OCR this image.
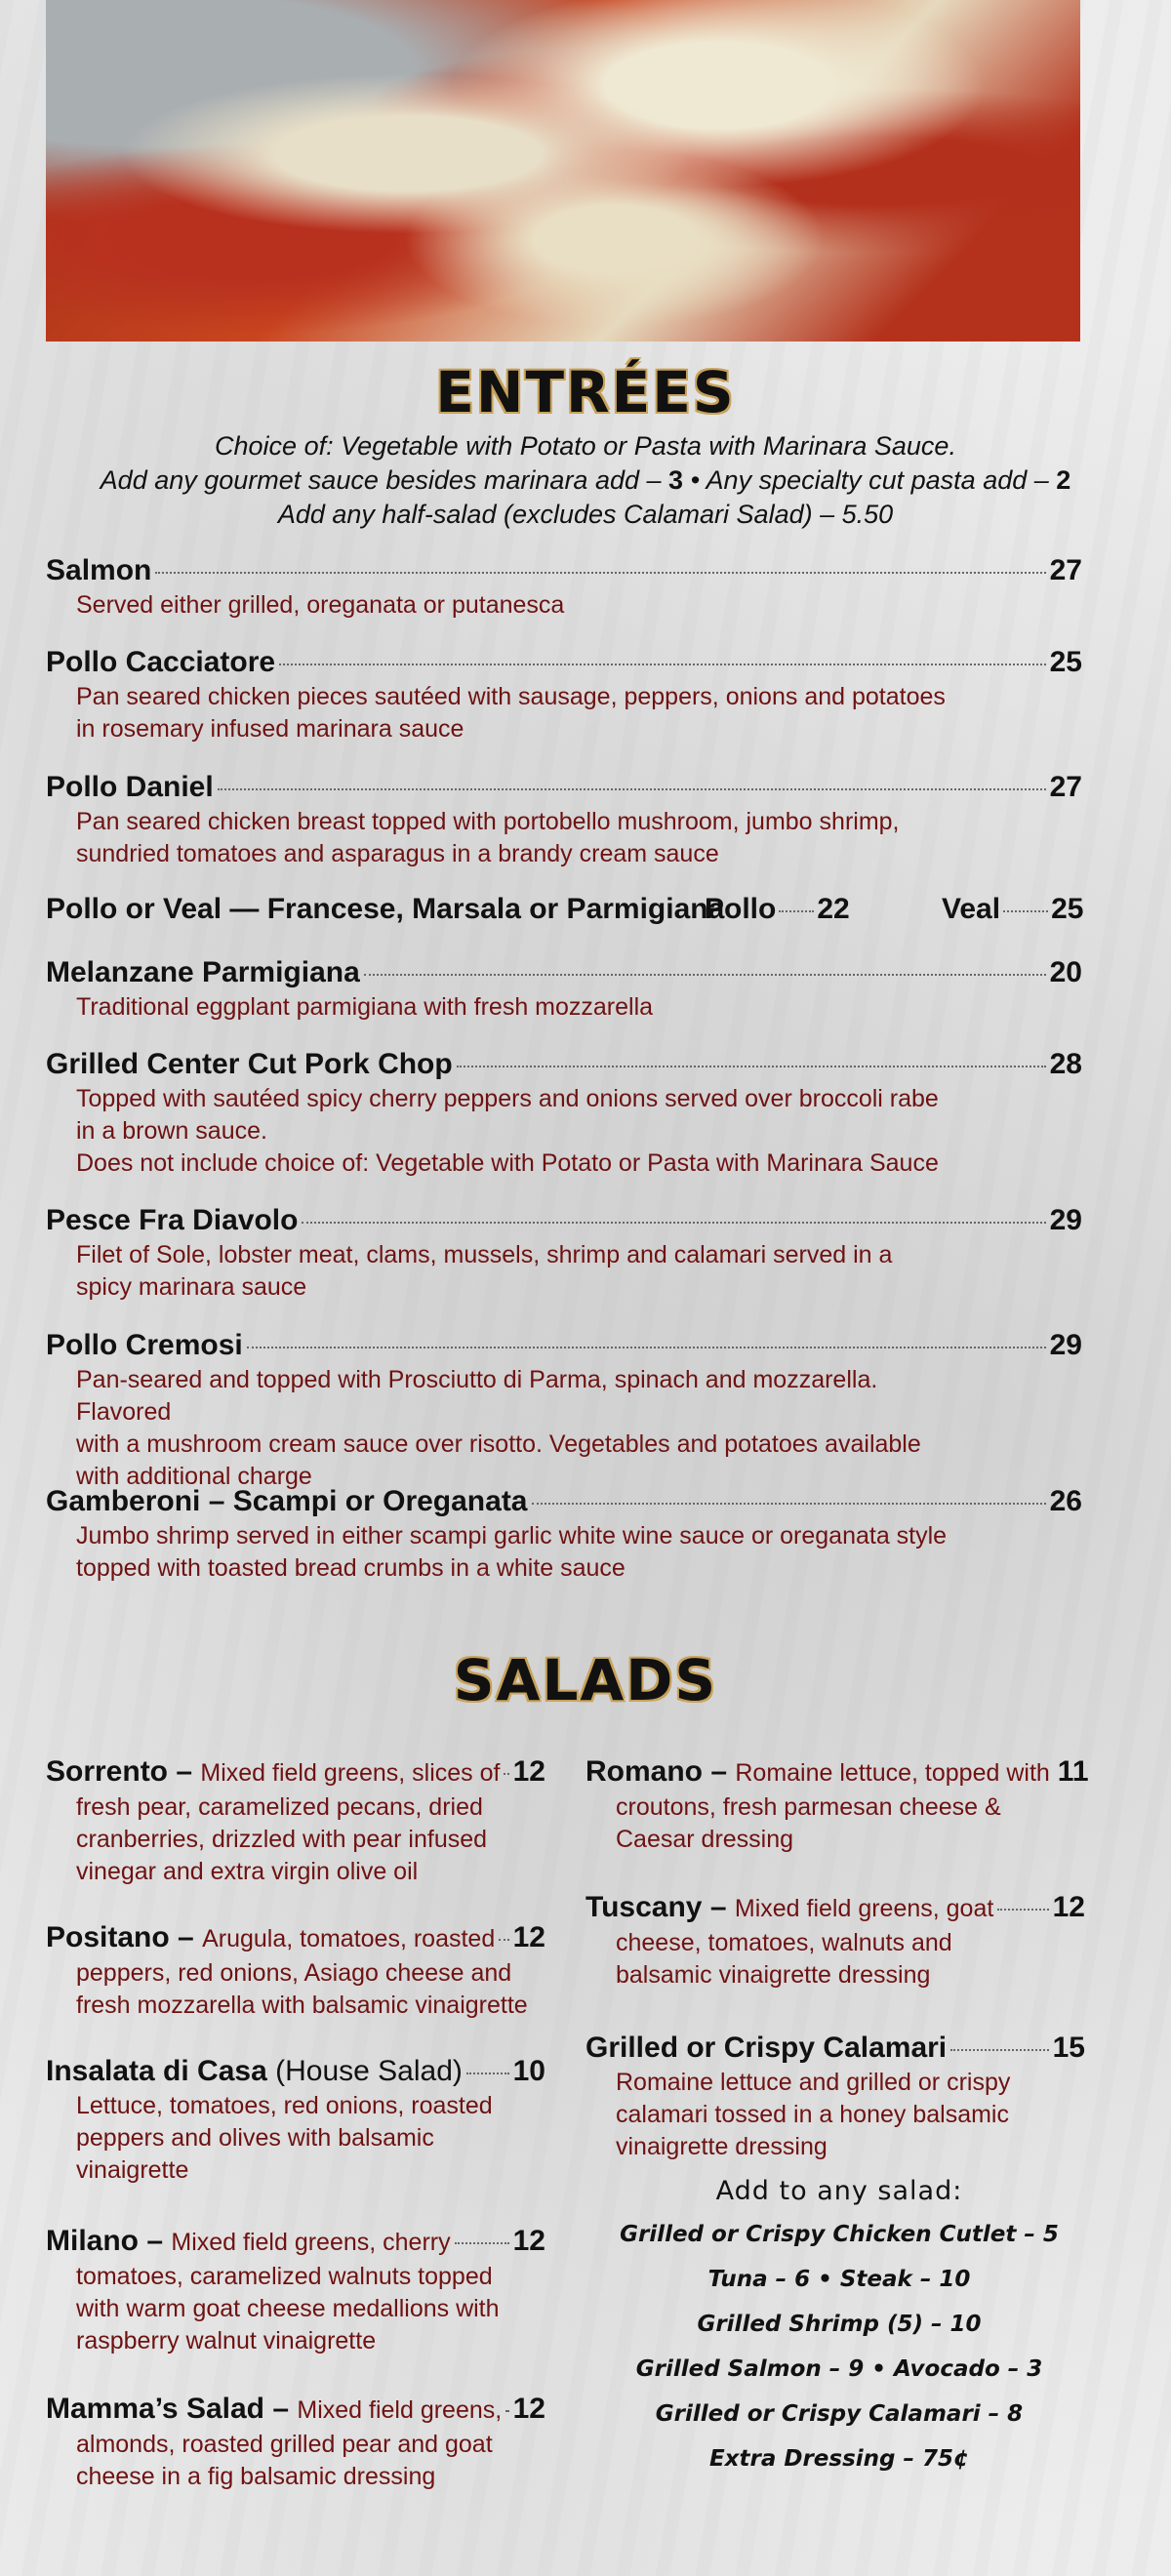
ENTRÉES
Choice of: Vegetable with Potato or Pasta with Marinara Sauce.
Add any gourmet sauce besides marinara add – 3 • Any specialty cut pasta add – 2
Add any half-salad (excludes Calamari Salad) – 5.50
Salmon	27
Served either grilled, oreganata or putanesca
Pollo Cacciatore	25
Pan seared chicken pieces sautéed with sausage, peppers, onions and potatoes
in rosemary infused marinara sauce
Pollo Daniel	27
Pan seared chicken breast topped with portobello mushroom, jumbo shrimp,
sundried tomatoes and asparagus in a brandy cream sauce
Melanzane Parmigiana	20
Traditional eggplant parmigiana with fresh mozzarella
Grilled Center Cut Pork Chop	28
Topped with sautéed spicy cherry peppers and onions served over broccoli rabe
in a brown sauce.
Does not include choice of: Vegetable with Potato or Pasta with Marinara Sauce
Pesce Fra Diavolo	29
Filet of Sole, lobster meat, clams, mussels, shrimp and calamari served in a
spicy marinara sauce
Pollo Cremosi	29
Pan-seared and topped with Prosciutto di Parma, spinach and mozzarella. Flavored
with a mushroom cream sauce over risotto. Vegetables and potatoes available
with additional charge
Gamberoni – Scampi or Oreganata	26
Jumbo shrimp served in either scampi garlic white wine sauce or oreganata style
topped with toasted bread crumbs in a white sauce
Pollo or Veal — Francese, Marsala or Parmigiana
Pollo 22	Veal 25
SALADS
Sorrento – Mixed field greens, slices of 12
fresh pear, caramelized pecans, dried
cranberries, drizzled with pear infused
vinegar and extra virgin olive oil
Positano – Arugula, tomatoes, roasted 12
peppers, red onions, Asiago cheese and
fresh mozzarella with balsamic vinaigrette
Insalata di Casa (House Salad) 10
Lettuce, tomatoes, red onions, roasted
peppers and olives with balsamic
vinaigrette
Milano – Mixed field greens, cherry 12
tomatoes, caramelized walnuts topped
with warm goat cheese medallions with
raspberry walnut vinaigrette
Mamma’s Salad – Mixed field greens, 12
almonds, roasted grilled pear and goat
cheese in a fig balsamic dressing
Romano – Romaine lettuce, topped with 11
croutons, fresh parmesan cheese &
Caesar dressing
Tuscany – Mixed field greens, goat 12
cheese, tomatoes, walnuts and
balsamic vinaigrette dressing
Grilled or Crispy Calamari	15
Romaine lettuce and grilled or crispy
calamari tossed in a honey balsamic
vinaigrette dressing
Add to any salad:
Grilled or Crispy Chicken Cutlet – 5
Tuna – 6 • Steak – 10
Grilled Shrimp (5) – 10
Grilled Salmon – 9 • Avocado – 3
Grilled or Crispy Calamari – 8
Extra Dressing – 75¢
